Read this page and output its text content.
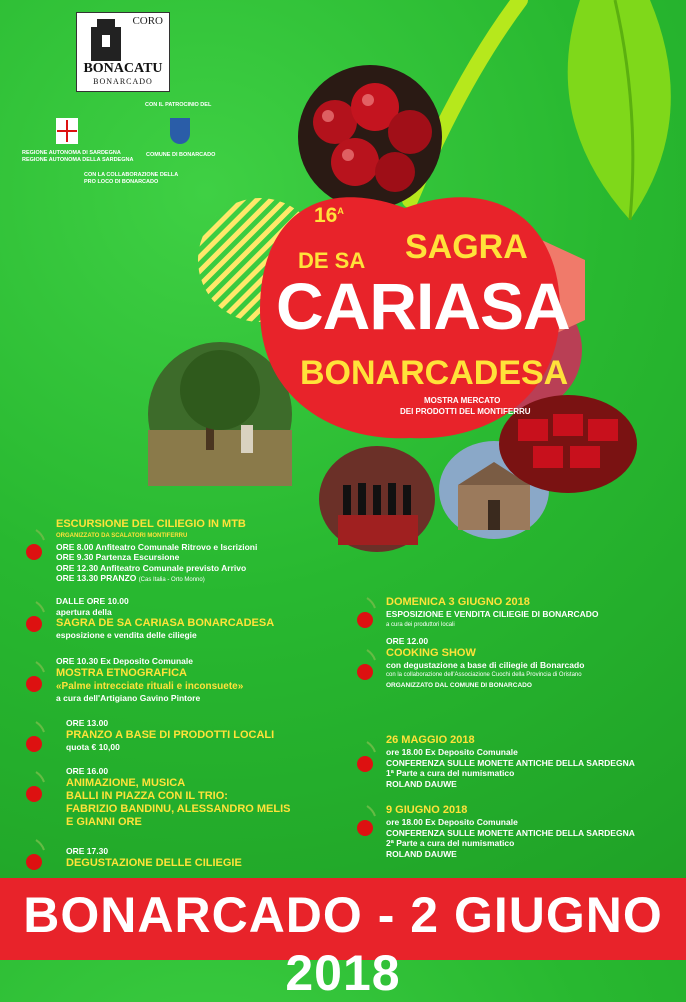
CORO
BONACATU
BONARCADO
CON IL PATROCINIO DEL
REGIONE AUTONOMA DI SARDEGNA
REGIONE AUTONOMA DELLA SARDEGNA
COMUNE DI BONARCADO
CON LA COLLABORAZIONE DELLA
PRO LOCO DI BONARCADO
$16^A$
SAGRA
DE SA
CARIASA
BONARCADESA
MOSTRA MERCATO
DEI PRODOTTI DEL MONTIFERRU
ESCURSIONE DEL CILIEGIO IN MTB
ORGANIZZATO DA SCALATORI MONTIFERRU
ORE 8.00 Anfiteatro Comunale Ritrovo e Iscrizioni
ORE 9.30 Partenza Escursione
ORE 12.30 Anfiteatro Comunale previsto Arrivo
ORE 13.30 PRANZO (Cas Italia - Orto Monno)
DALLE ORE 10.00
apertura della
SAGRA DE SA CARIASA BONARCADESA
esposizione e vendita delle ciliegie
ORE 10.30 Ex Deposito Comunale
MOSTRA ETNOGRAFICA
«Palme intrecciate rituali e inconsuete»
a cura dell'Artigiano Gavino Pintore
ORE 13.00
PRANZO A BASE DI PRODOTTI LOCALI
quota € 10,00
ORE 16.00
ANIMAZIONE, MUSICA
BALLI IN PIAZZA CON IL TRIO:
FABRIZIO BANDINU, ALESSANDRO MELIS
E GIANNI ORE
ORE 17.30
DEGUSTAZIONE DELLE CILIEGIE
DOMENICA 3 GIUGNO 2018
ESPOSIZIONE E VENDITA CILIEGIE DI BONARCADO
a cura dei produttori locali
ORE 12.00
COOKING SHOW
con degustazione a base di ciliegie di Bonarcado
con la collaborazione dell'Associazione Cuochi della Provincia di Oristano
ORGANIZZATO DAL COMUNE DI BONARCADO
26 MAGGIO 2018
ore 18.00 Ex Deposito Comunale
CONFERENZA SULLE MONETE ANTICHE DELLA SARDEGNA
1ª Parte a cura del numismatico
ROLAND DAUWE
9 GIUGNO 2018
ore 18.00 Ex Deposito Comunale
CONFERENZA SULLE MONETE ANTICHE DELLA SARDEGNA
2ª Parte a cura del numismatico
ROLAND DAUWE
BONARCADO - 2 GIUGNO 2018
